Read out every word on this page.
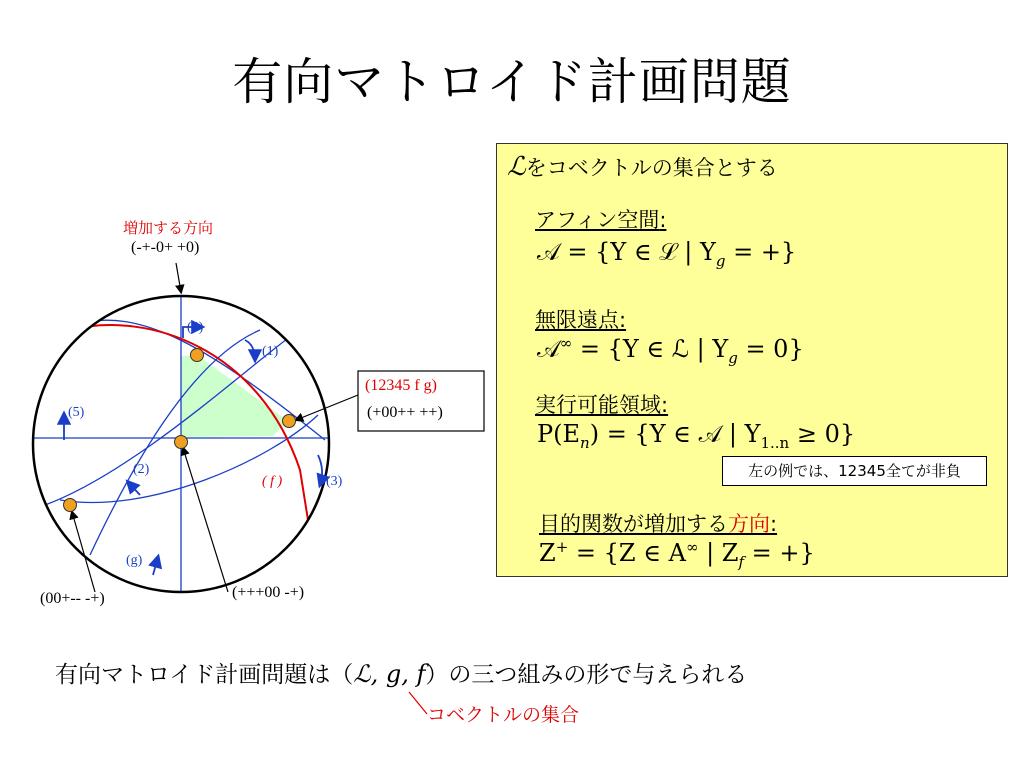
有向マトロイド計画問題
増加する方向
(-+-0+ +0)
(12345 f g)
(+00++ ++)
(00+-- -+)	(+++00 -+)
(4)
(1)
(5)
(2)
(3)
( f )
(g)
ℒをコベクトルの集合とする
アフィン空間:
𝒜 = {Y ∈ ℒ | $Y_g$ = +}
無限遠点:
𝒜∞ = {Y ∈ ℒ | $Y_g = 0$}
実行可能領域:
$P(E_n) = \{Y$ ∈ 𝒜 | $Y_{1..n} \ge 0$}
目的関数が増加する方向:
Z+ = {Z ∈ A∞ | $Z_f$ = +}
左の例では、12345全てが非負
有向マトロイド計画問題は（ℒ, g, f）の三つ組みの形で与えられる
コベクトルの集合
